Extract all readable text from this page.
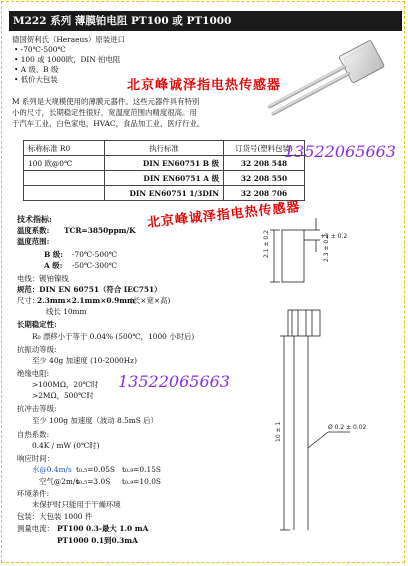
M222 系列 薄膜铂电阻 PT100 或 PT1000
德国贺利氏（Heraeus）原装进口
• -70℃-500℃
• 100 或 1000欧，DIN 铂电阻
• A 级、B 级
• 低价大包装	北京峰诚泽指电热传感器
M 系列是大规模使用的薄膜元器件。这些元器件具有特别
小的尺寸，长期稳定性很好，宽温度范围内精度很高。用
于汽车工业、白色家电，HVAC，食品加工业、医疗行业。
标称标准 R0	执行标准	订货号(塑料包装)
100 欧@0℃	DIN EN60751 B 级	32 208 548
	DIN EN60751 A 级	32 208 550
	DIN EN60751 1/3DIN	32 208 706
13522065663
北京峰诚泽指电热传感器
技术指标:
温度系数: TCR=3850ppm/K
温度范围:
B 级: -70℃-500℃
A 级: -50℃-300℃
电线：镀铂镍线
规范：DIN EN 60751（符合 IEC751）
尺寸：
2.3mm×2.1mm×0.9mm
(长×宽×高)
线长 10mm
长期稳定性:
R₀ 漂移小于等于 0.04% (500℃，1000 小时后)
抗振动等级:
至少 40g 加速度 (10-2000Hz)
绝缘电阻:
>100MΩ，20℃时
>2MΩ，500℃时
13522065663
抗冲击等级:
至少 100g 加速度（波动 8.5mS 后）
自热系数:
0.4K / mW (0℃时)
响应时间：
水@0.4m/s t₀.₅=0.05S t₀.₉=0.15S
空气@2m/s
t₀.₅=3.0S t₀.₉=10.0S
环境条件:
未保护时只能用于干燥环境
包装：大包装 1000 件
测量电流： PT100 0.3-最大 1.0 mA
PT1000 0.1到0.3mA
2.1 ± 0.2	+1 ± 0.2
2.3 ± 0.2
Ø 0.2 ± 0.02
10 ± 1
